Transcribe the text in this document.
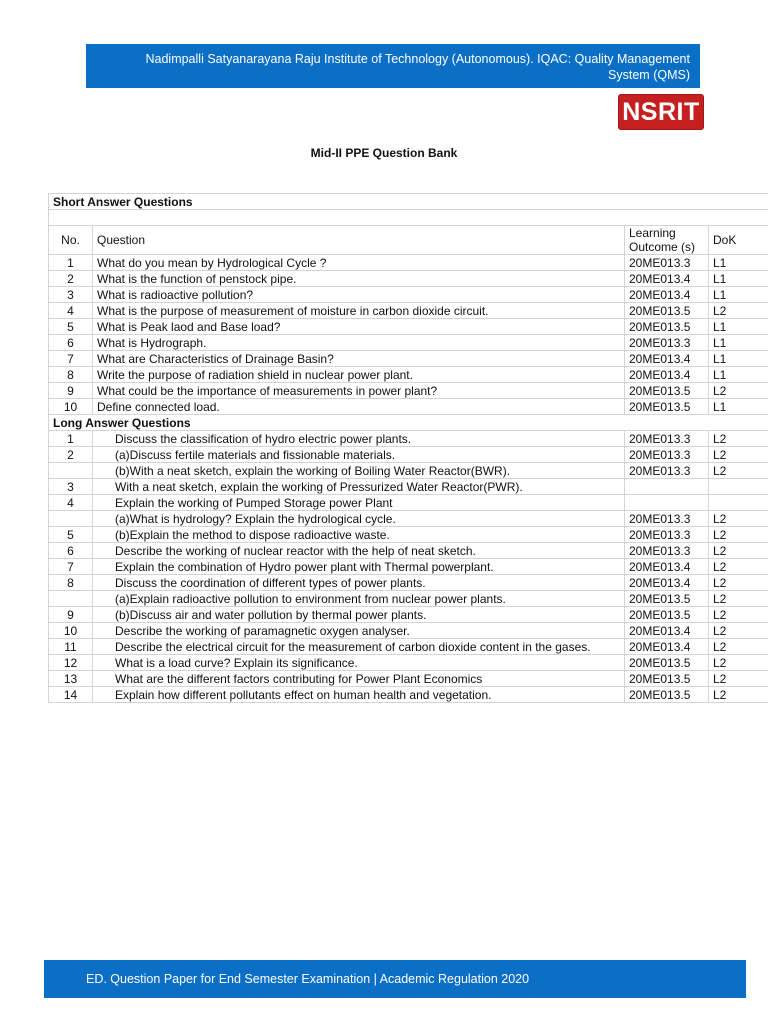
Nadimpalli Satyanarayana Raju Institute of Technology (Autonomous). IQAC: Quality Management System (QMS)
NSRIT
Mid-II PPE Question Bank
Short Answer Questions			

No.	Question	Learning Outcome (s)	DoK
1	What do you mean by Hydrological Cycle ?	20ME013.3	L1
2	What is the function of penstock pipe.	20ME013.4	L1
3	What is radioactive pollution?	20ME013.4	L1
4	What is the purpose of measurement of moisture in carbon dioxide circuit.	20ME013.5	L2
5	What is Peak laod and Base load?	20ME013.5	L1
6	What is Hydrograph.	20ME013.3	L1
7	What are Characteristics of Drainage Basin?	20ME013.4	L1
8	Write the purpose of radiation shield in nuclear power plant.	20ME013.4	L1
9	What could be the importance of measurements in power plant?	20ME013.5	L2
10	Define connected load.	20ME013.5	L1
Long Answer Questions			
1	Discuss the classification of hydro electric power plants.	20ME013.3	L2
2	(a)Discuss fertile materials and fissionable materials.	20ME013.3	L2
	(b)With a neat sketch, explain the working of Boiling Water Reactor(BWR).	20ME013.3	L2
3	With a neat sketch, explain the working of Pressurized Water Reactor(PWR).		
4	Explain the working of Pumped Storage power Plant		
	(a)What is hydrology? Explain the hydrological cycle.	20ME013.3	L2
5	(b)Explain the method to dispose radioactive waste.	20ME013.3	L2
6	Describe the working of nuclear reactor with the help of neat sketch.	20ME013.3	L2
7	Explain the combination of Hydro power plant with Thermal powerplant.	20ME013.4	L2
8	Discuss the coordination of different types of power plants.	20ME013.4	L2
	(a)Explain radioactive pollution to environment from nuclear power plants.	20ME013.5	L2
9	(b)Discuss air and water pollution by thermal power plants.	20ME013.5	L2
10	Describe the working of paramagnetic oxygen analyser.	20ME013.4	L2
11	Describe the electrical circuit for the measurement of carbon dioxide content in the gases.	20ME013.4	L2
12	What is a load curve? Explain its significance.	20ME013.5	L2
13	What are the different factors contributing for Power Plant Economics	20ME013.5	L2
14	Explain how different pollutants effect on human health and vegetation.	20ME013.5	L2
ED. Question Paper for End Semester Examination | Academic Regulation 2020
